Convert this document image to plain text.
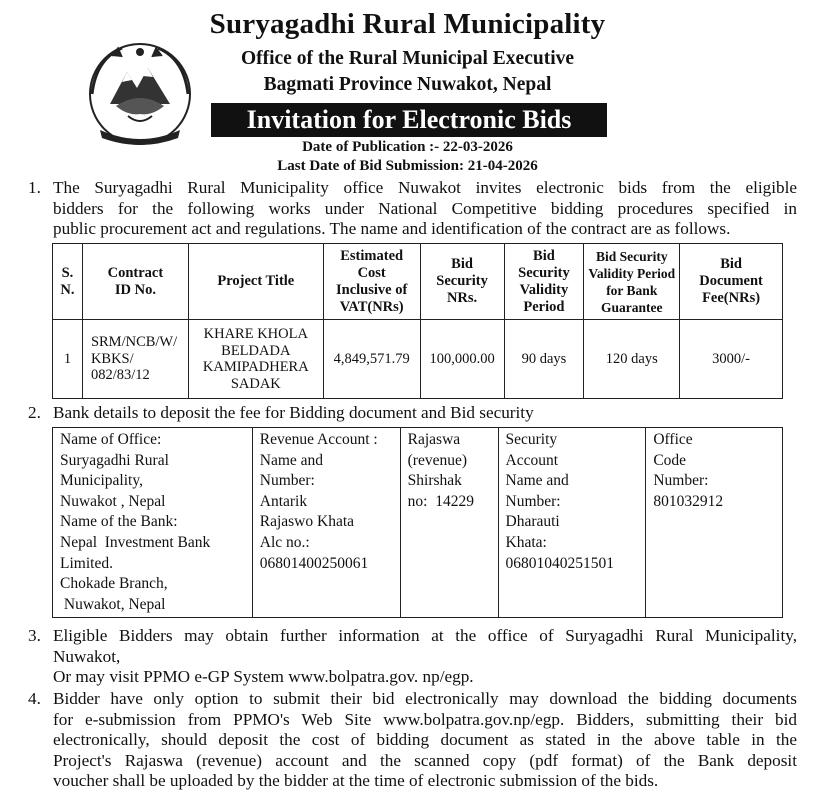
Suryagadhi Rural Municipality
Office of the Rural Municipal Executive
Bagmati Province Nuwakot, Nepal
Invitation for Electronic Bids
Date of Publication :- 22-03-2026
Last Date of Bid Submission: 21-04-2026
1. The Suryagadhi Rural Municipality office Nuwakot invites electronic bids from the eligible
bidders for the following works under National Competitive bidding procedures specified in
public procurement act and regulations. The name and identification of the contract are as follows.
S.
N.	Contract
ID No.	Project Title	Estimated Cost
Inclusive of
VAT(NRs)	Bid
Security
NRs.	Bid
Security
Validity
Period	Bid Security
Validity Period
for Bank
Guarantee	Bid
Document
Fee(NRs)
1	SRM/NCB/W/
KBKS/
082/83/12	KHARE KHOLA
BELDADA
KAMIPADHERA
SADAK	4,849,571.79	100,000.00	90 days	120 days	3000/-
2. Bank details to deposit the fee for Bidding document and Bid security
Name of Office:
Suryagadhi Rural
Municipality,
Nuwakot , Nepal
Name of the Bank:
Nepal  Investment Bank
Limited.
Chokade Branch,
Nuwakot, Nepal	Revenue Account :
Name and
Number:
Antarik
Rajaswo Khata
Alc no.:
06801400250061	Rajaswa
(revenue)
Shirshak
no:  14229	Security
Account
Name and
Number:
Dharauti
Khata:
06801040251501	Office
Code
Number:
801032912
3. Eligible Bidders may obtain further information at the office of Suryagadhi Rural Municipality,
Nuwakot,
Or may visit PPMO e-GP System www.bolpatra.gov. np/egp.
4. Bidder have only option to submit their bid electronically may download the bidding documents
for e-submission from PPMO's Web Site www.bolpatra.gov.np/egp. Bidders, submitting their bid
electronically, should deposit the cost of bidding document as stated in the above table in the
Project's Rajaswa (revenue) account and the scanned copy (pdf format) of the Bank deposit
voucher shall be uploaded by the bidder at the time of electronic submission of the bids.
